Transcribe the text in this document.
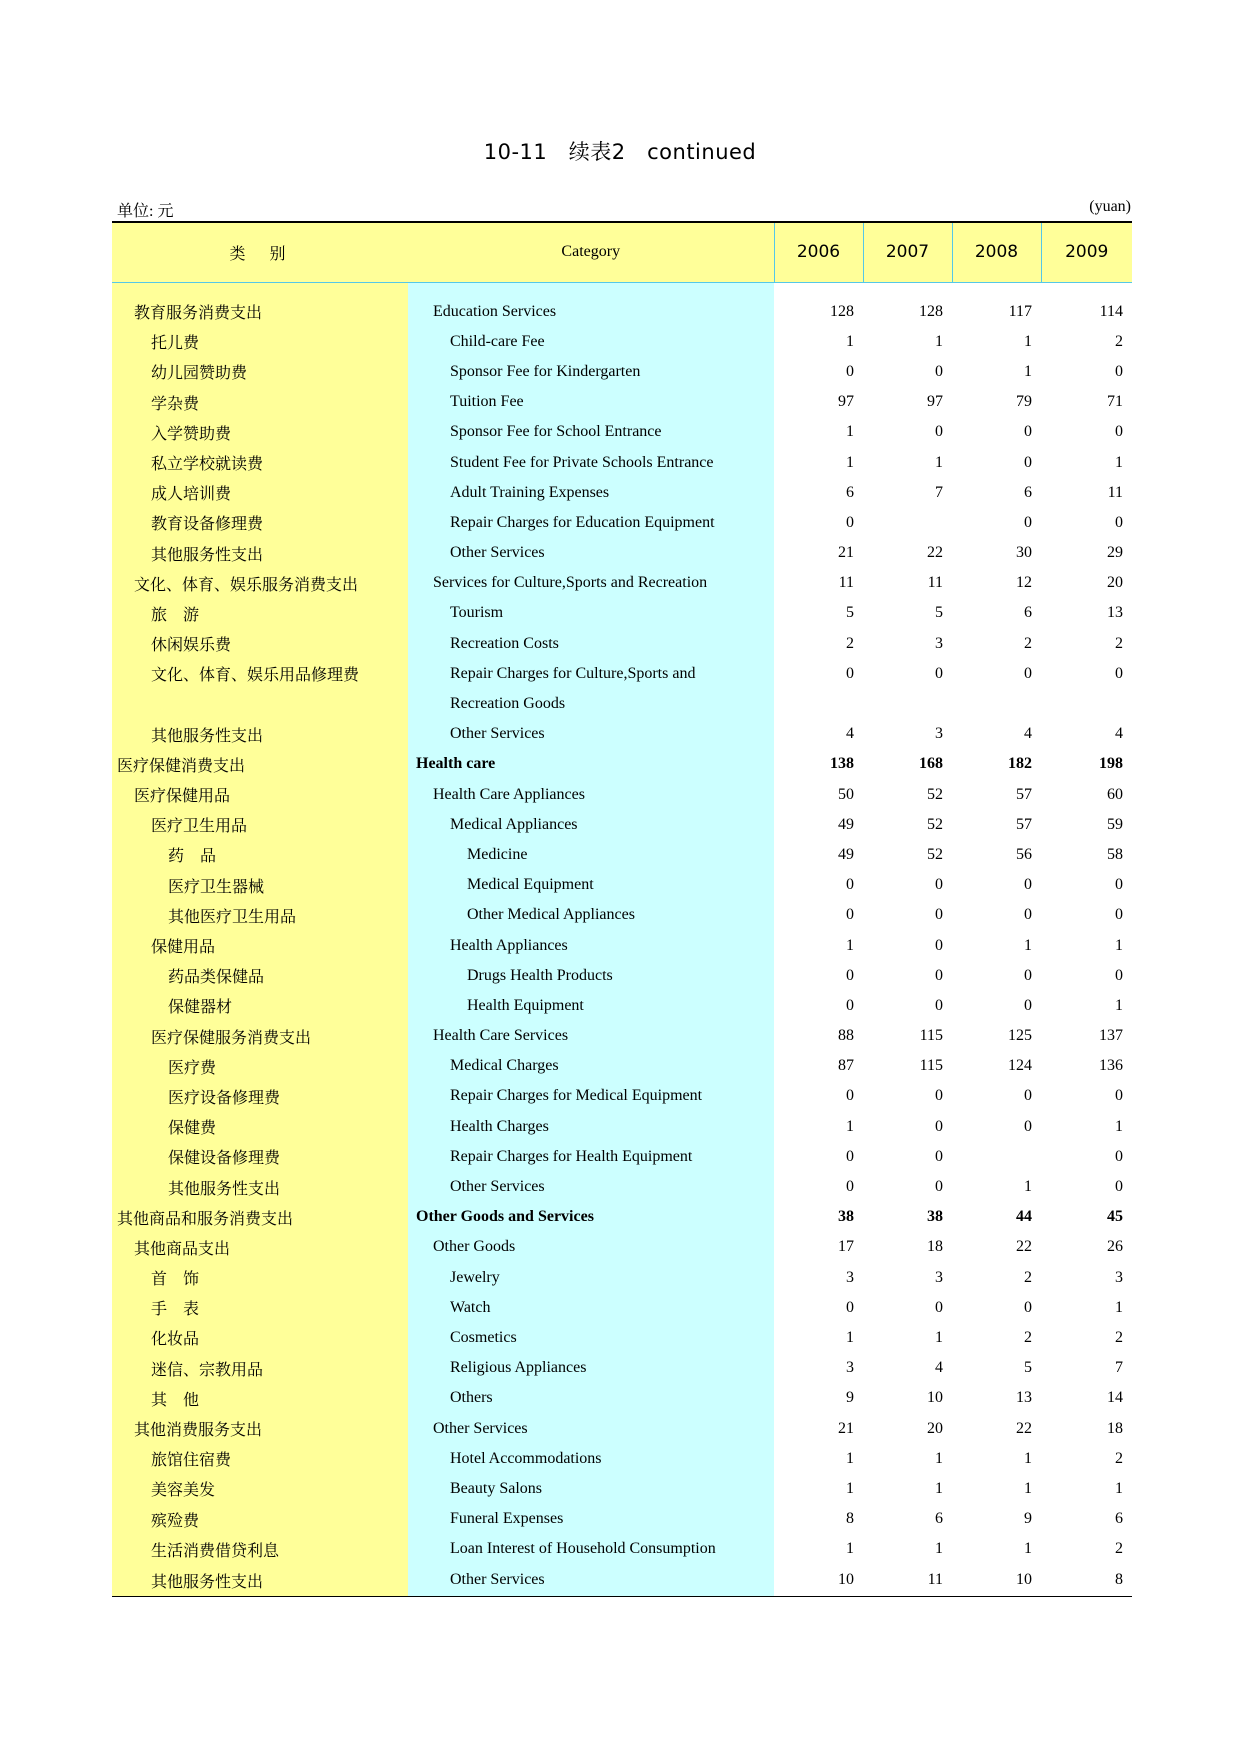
10-11　续表2　continued
单位: 元	(yuan)
类别	Category	2006	2007	2008	2009

教育服务消费支出	Education Services	128	128	117	114
托儿费	Child-care Fee	1	1	1	2
幼儿园赞助费	Sponsor Fee for Kindergarten	0	0	1	0
学杂费	Tuition Fee	97	97	79	71
入学赞助费	Sponsor Fee for School Entrance	1	0	0	0
私立学校就读费	Student Fee for Private Schools Entrance	1	1	0	1
成人培训费	Adult Training Expenses	6	7	6	11
教育设备修理费	Repair Charges for Education Equipment	0		0	0
其他服务性支出	Other Services	21	22	30	29
文化、体育、娱乐服务消费支出	Services for Culture,Sports and Recreation	11	11	12	20
旅　游	Tourism	5	5	6	13
休闲娱乐费	Recreation Costs	2	3	2	2
文化、体育、娱乐用品修理费	Repair Charges for Culture,Sports and	0	0	0	0
	Recreation Goods				
其他服务性支出	Other Services	4	3	4	4
医疗保健消费支出	Health care	138	168	182	198
医疗保健用品	Health Care Appliances	50	52	57	60
医疗卫生用品	Medical Appliances	49	52	57	59
药　品	Medicine	49	52	56	58
医疗卫生器械	Medical Equipment	0	0	0	0
其他医疗卫生用品	Other Medical Appliances	0	0	0	0
保健用品	Health Appliances	1	0	1	1
药品类保健品	Drugs Health Products	0	0	0	0
保健器材	Health Equipment	0	0	0	1
医疗保健服务消费支出	Health Care Services	88	115	125	137
医疗费	Medical Charges	87	115	124	136
医疗设备修理费	Repair Charges for Medical Equipment	0	0	0	0
保健费	Health Charges	1	0	0	1
保健设备修理费	Repair Charges for Health Equipment	0	0		0
其他服务性支出	Other Services	0	0	1	0
其他商品和服务消费支出	Other Goods and Services	38	38	44	45
其他商品支出	Other Goods	17	18	22	26
首　饰	Jewelry	3	3	2	3
手　表	Watch	0	0	0	1
化妆品	Cosmetics	1	1	2	2
迷信、宗教用品	Religious Appliances	3	4	5	7
其　他	Others	9	10	13	14
其他消费服务支出	Other Services	21	20	22	18
旅馆住宿费	Hotel Accommodations	1	1	1	2
美容美发	Beauty Salons	1	1	1	1
殡殓费	Funeral Expenses	8	6	9	6
生活消费借贷利息	Loan Interest of Household Consumption	1	1	1	2
其他服务性支出	Other Services	10	11	10	8
